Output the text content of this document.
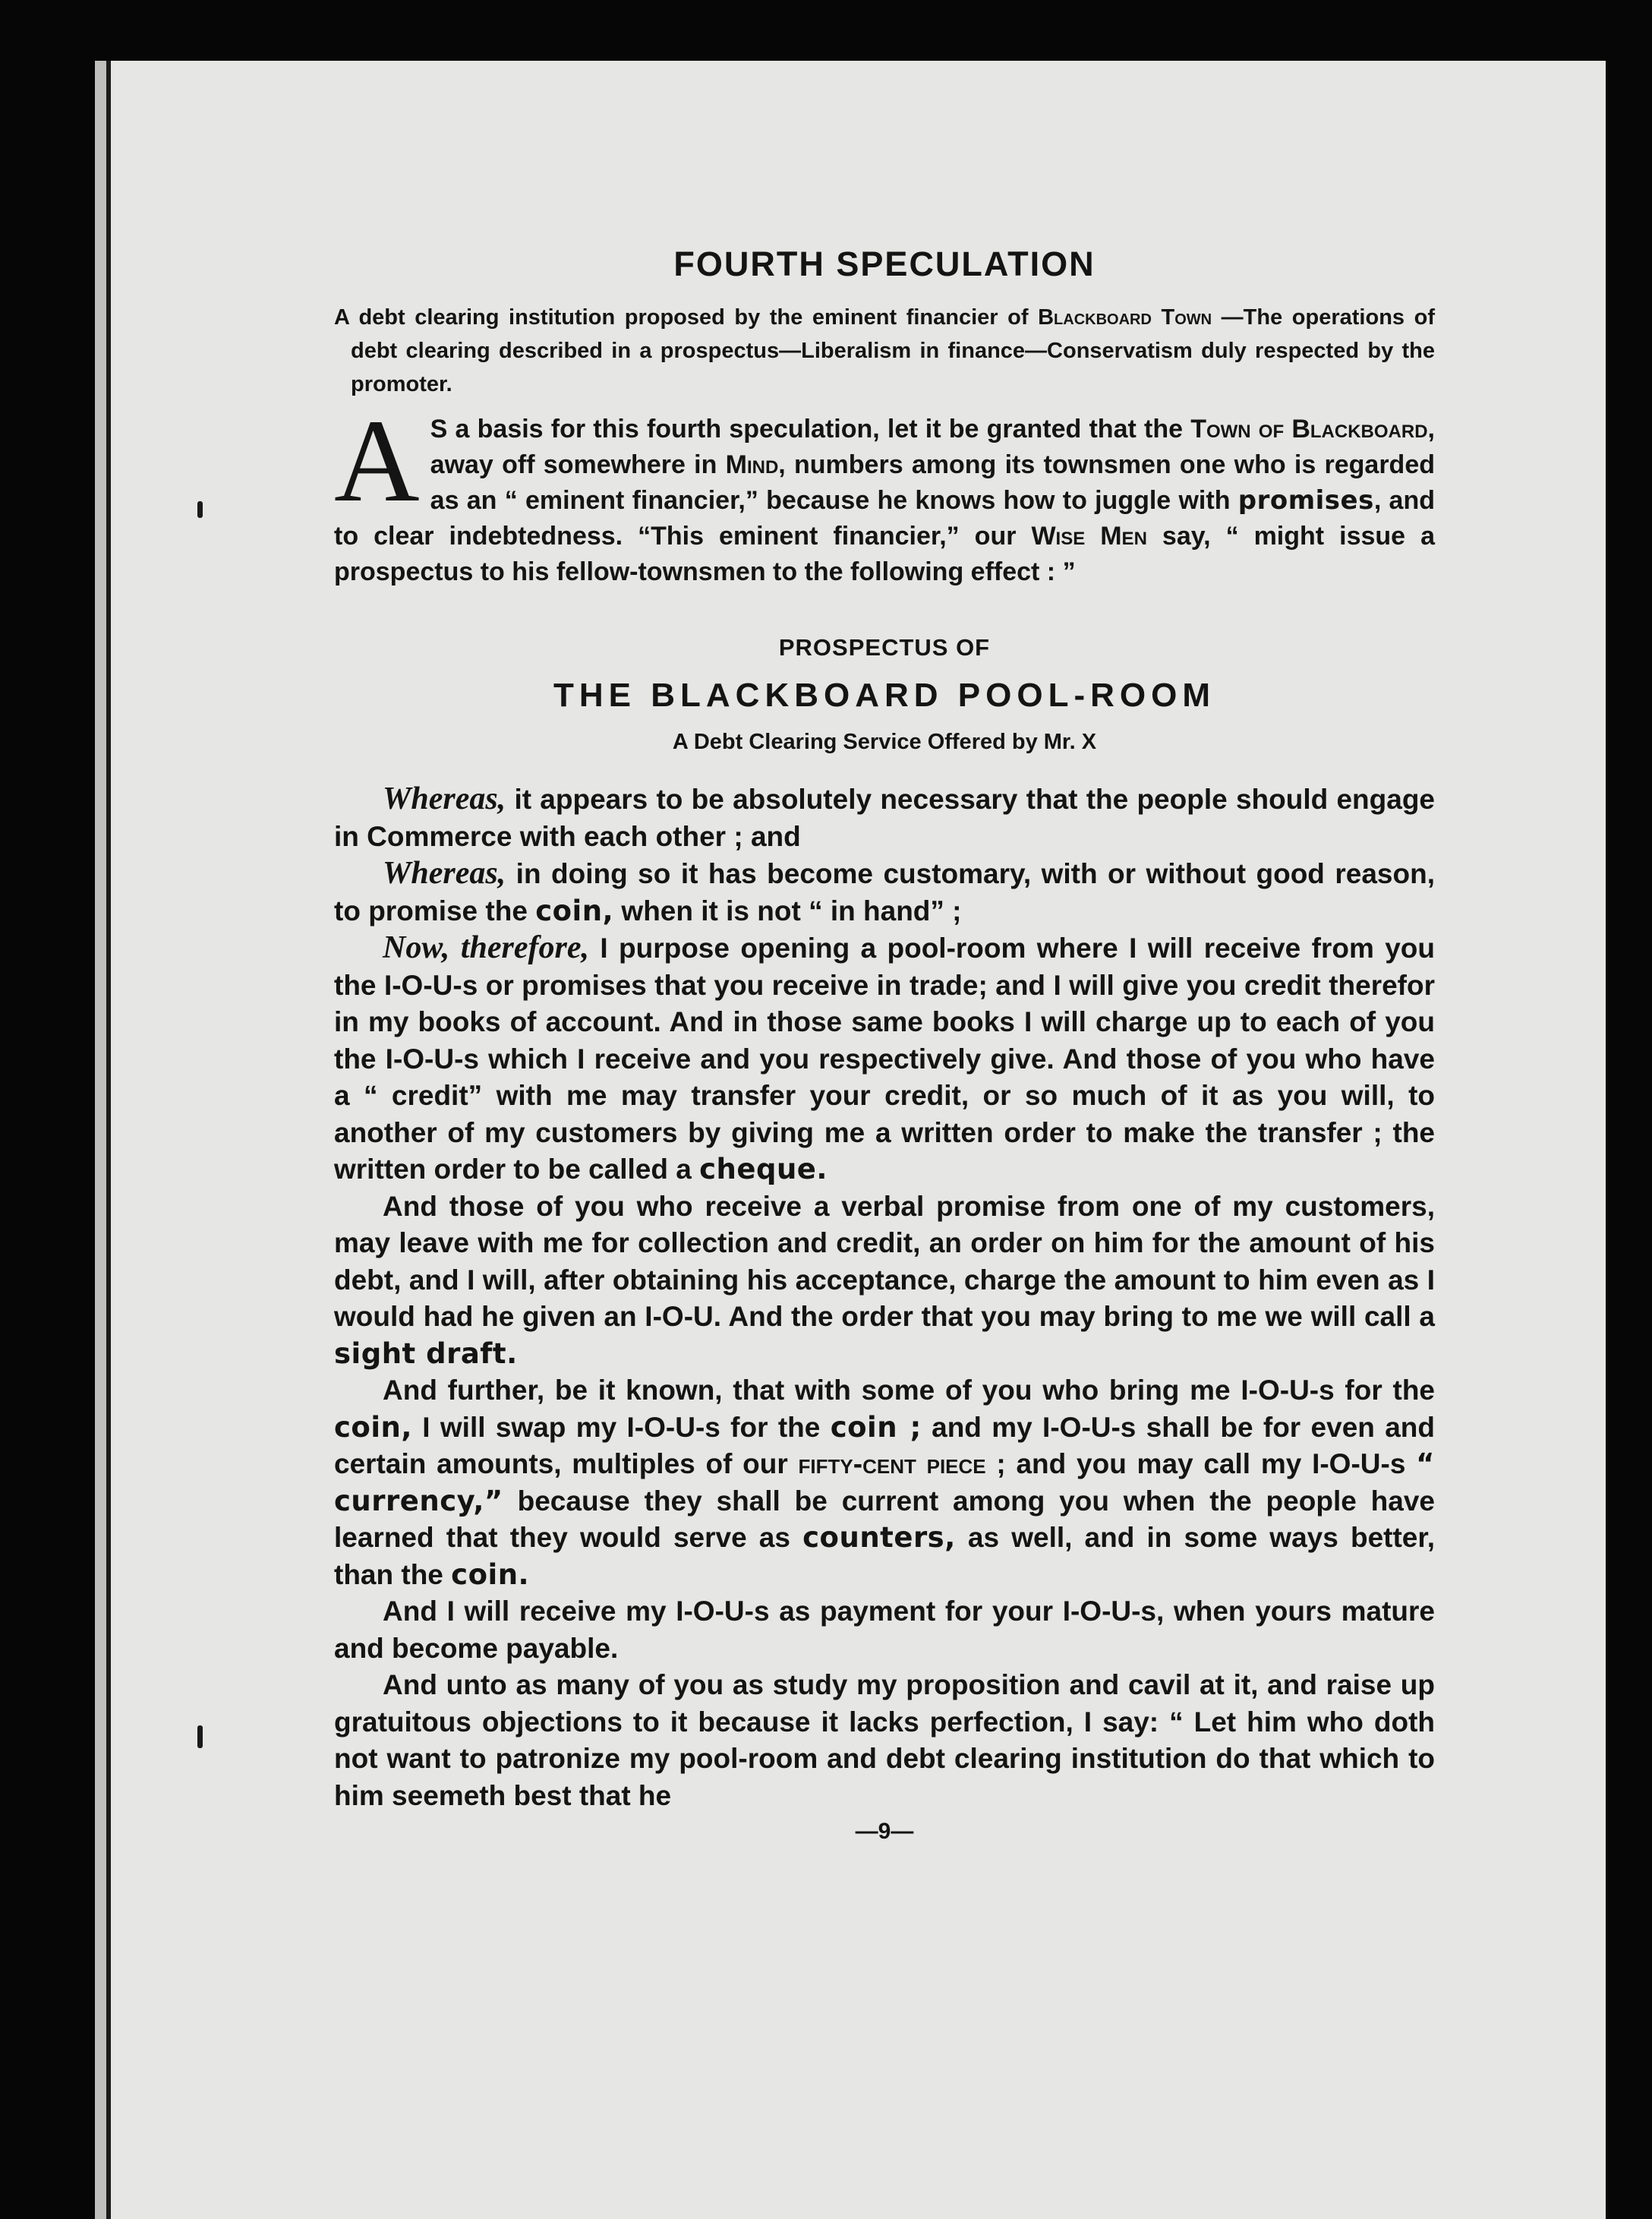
FOURTH SPECULATION

A debt clearing institution proposed by the eminent financier of Blackboard Town —The operations of debt clearing described in a prospectus—Liberalism in finance—Conservatism duly respected by the promoter.

A S a basis for this fourth speculation, let it be granted that the Town of Blackboard, away off somewhere in Mind, numbers among its townsmen one who is regarded as an “ eminent financier,” because he knows how to juggle with promises, and to clear indebtedness. “This eminent financier,” our Wise Men say, “ might issue a prospectus to his fellow-townsmen to the following effect : ”

PROSPECTUS OF
THE BLACKBOARD POOL-ROOM
A Debt Clearing Service Offered by Mr. X

Whereas, it appears to be absolutely necessary that the people should engage in Commerce with each other ; and

Whereas, in doing so it has become customary, with or without good reason, to promise the coin, when it is not “ in hand” ;

Now, therefore, I purpose opening a pool-room where I will receive from you the I-O-U-s or promises that you receive in trade; and I will give you credit therefor in my books of account. And in those same books I will charge up to each of you the I-O-U-s which I receive and you respectively give. And those of you who have a “ credit” with me may transfer your credit, or so much of it as you will, to another of my customers by giving me a written order to make the transfer ; the written order to be called a cheque.

And those of you who receive a verbal promise from one of my customers, may leave with me for collection and credit, an order on him for the amount of his debt, and I will, after obtaining his acceptance, charge the amount to him even as I would had he given an I-O-U. And the order that you may bring to me we will call a sight draft.

And further, be it known, that with some of you who bring me I-O-U-s for the coin, I will swap my I-O-U-s for the coin ; and my I-O-U-s shall be for even and certain amounts, multiples of our fifty-cent piece ; and you may call my I-O-U-s “ currency,” because they shall be current among you when the people have learned that they would serve as counters, as well, and in some ways better, than the coin.

And I will receive my I-O-U-s as payment for your I-O-U-s, when yours mature and become payable.

And unto as many of you as study my proposition and cavil at it, and raise up gratuitous objections to it because it lacks perfection, I say: “ Let him who doth not want to patronize my pool-room and debt clearing institution do that which to him seemeth best that he

—9—
